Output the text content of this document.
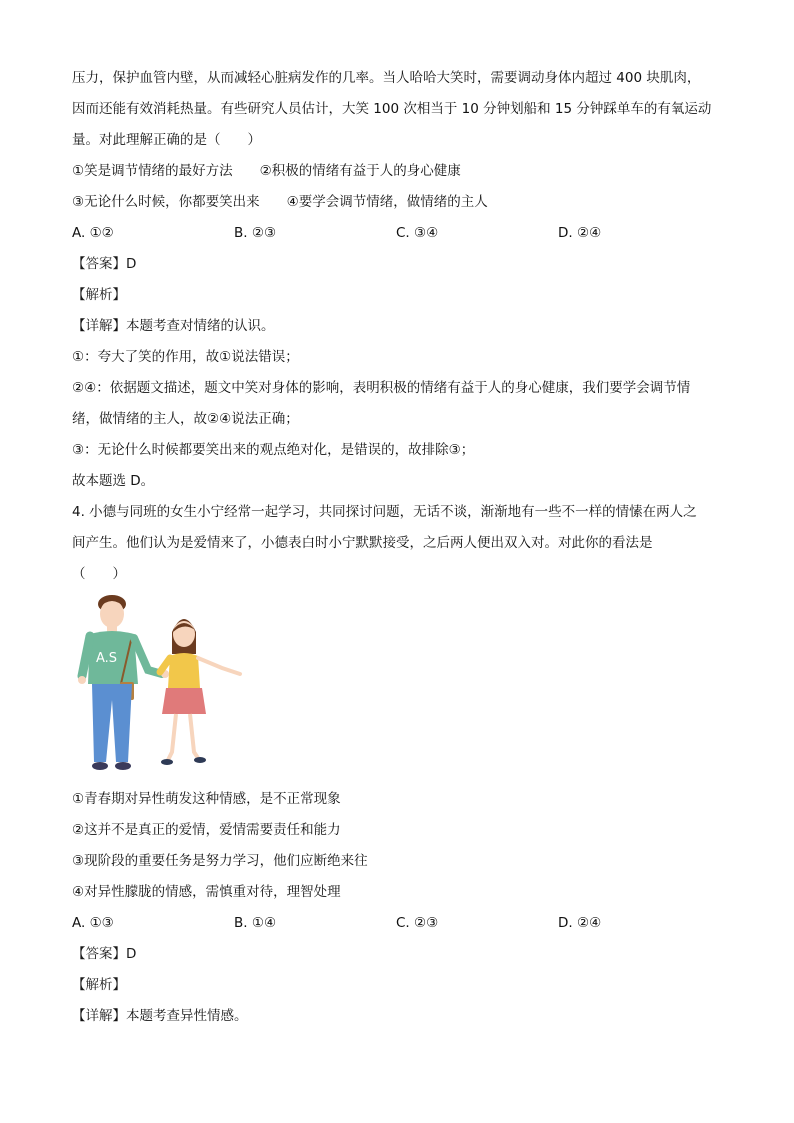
压力，保护血管内壁，从而减轻心脏病发作的几率。当人哈哈大笑时，需要调动身体内超过 400 块肌肉，
因而还能有效消耗热量。有些研究人员估计，大笑 100 次相当于 10 分钟划船和 15 分钟踩单车的有氧运动
量。对此理解正确的是（　　）
①笑是调节情绪的最好方法　　②积极的情绪有益于人的身心健康
③无论什么时候，你都要笑出来　　④要学会调节情绪，做情绪的主人
A. ①②	B. ②③	C. ③④	D. ②④
【答案】D
【解析】
【详解】本题考查对情绪的认识。
①：夸大了笑的作用，故①说法错误；
②④：依据题文描述，题文中笑对身体的影响，表明积极的情绪有益于人的身心健康，我们要学会调节情
绪，做情绪的主人，故②④说法正确；
③：无论什么时候都要笑出来的观点绝对化，是错误的，故排除③；
故本题选 D。
4. 小德与同班的女生小宁经常一起学习，共同探讨问题，无话不谈，渐渐地有一些不一样的情愫在两人之
间产生。他们认为是爱情来了，小德表白时小宁默默接受，之后两人便出双入对。对此你的看法是
（　　）
A.S
①青春期对异性萌发这种情感，是不正常现象
②这并不是真正的爱情，爱情需要责任和能力
③现阶段的重要任务是努力学习，他们应断绝来往
④对异性朦胧的情感，需慎重对待，理智处理
A. ①③	B. ①④	C. ②③	D. ②④
【答案】D
【解析】
【详解】本题考查异性情感。
